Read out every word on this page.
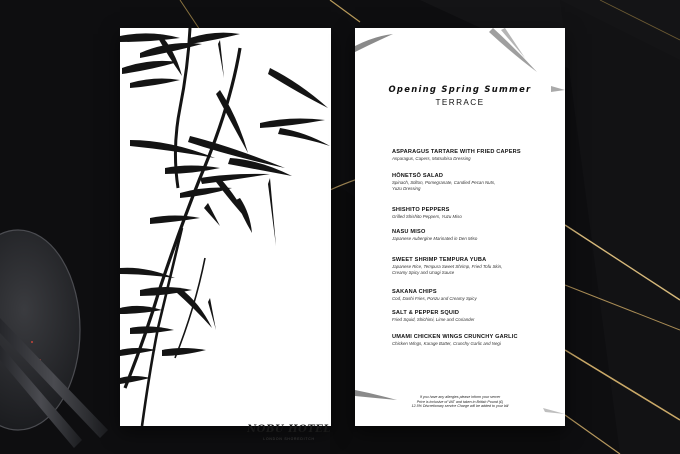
NOBU HOTEL
LONDON SHOREDITCH
Opening Spring Summer
TERRACE
ASPARAGUS TARTARE WITH FRIED CAPERS
Asparagus, Capers, Matsuhisa Dressing
HŌNETSŌ SALAD
Spinach, Stilton, Pomegranate, Candied Pecan Nuts,
Yuzu Dressing
SHISHITO PEPPERS
Grilled Shishito Peppers, Yuzu Miso
NASU MISO
Japanese Aubergine Marinated in Den Miso
SWEET SHRIMP TEMPURA YUBA
Japanese Rice, Tempura Sweet Shrimp, Fried Tofu Skin,
Creamy Spicy and Unagi Sauce
SAKANA CHIPS
Cod, Dashi Fries, Ponzu and Creamy Spicy
SALT & PEPPER SQUID
Fried Squid, Shichimi, Lime and Coriander
UMAMI CHICKEN WINGS CRUNCHY GARLIC
Chicken Wings, Karage Batter, Crunchy Garlic and Negi
If you have any allergies please inform your server
Price is inclusive of VAT and taken in British Pound (£)
12.5% Discretionary service Charge will be added to your bill
